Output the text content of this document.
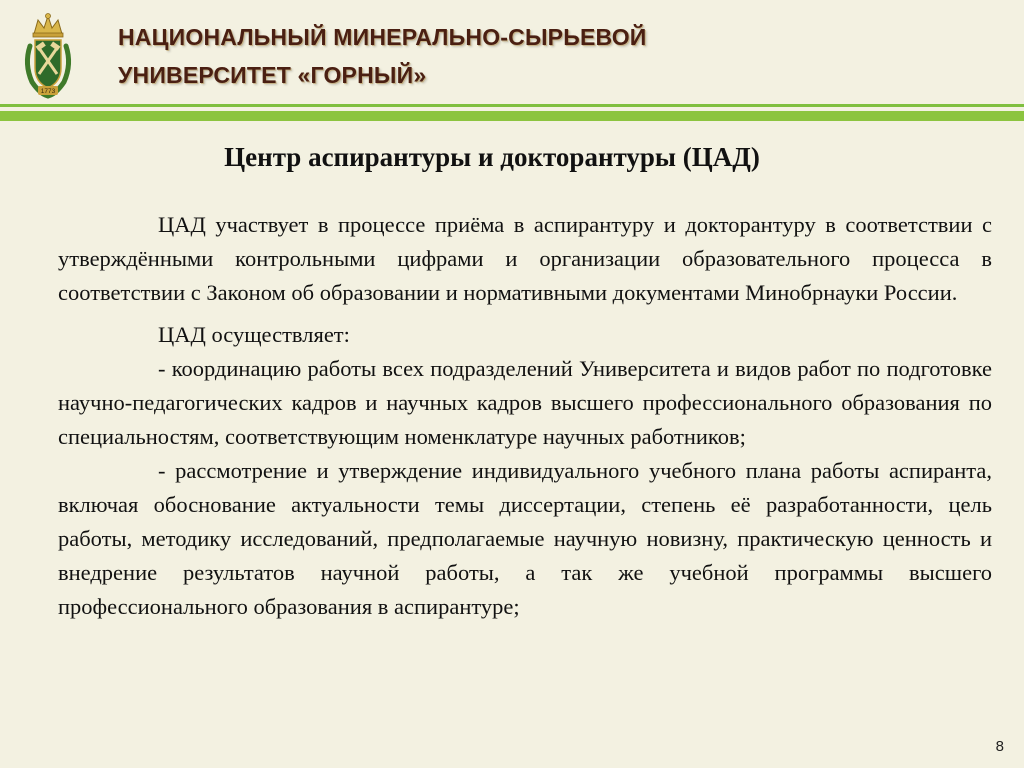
1773
НАЦИОНАЛЬНЫЙ МИНЕРАЛЬНО-СЫРЬЕВОЙ
УНИВЕРСИТЕТ «ГОРНЫЙ»
Центр аспирантуры и докторантуры (ЦАД)

ЦАД участвует в процессе приёма в аспирантуру и докторантуру в соответствии с утверждёнными контрольными цифрами и организации образовательного процесса в соответствии с Законом об образовании и нормативными документами Минобрнауки России.

ЦАД осуществляет:

- координацию работы всех подразделений Университета и видов работ по подготовке научно-педагогических кадров и научных кадров высшего профессионального образования по специальностям, соответствующим номенклатуре научных работников;

- рассмотрение и утверждение индивидуального учебного плана работы аспиранта, включая обоснование актуальности темы диссертации, степень её разработанности, цель работы, методику исследований, предполагаемые научную новизну, практическую ценность и внедрение результатов научной работы, а так же учебной программы высшего профессионального образования в аспирантуре;

8
